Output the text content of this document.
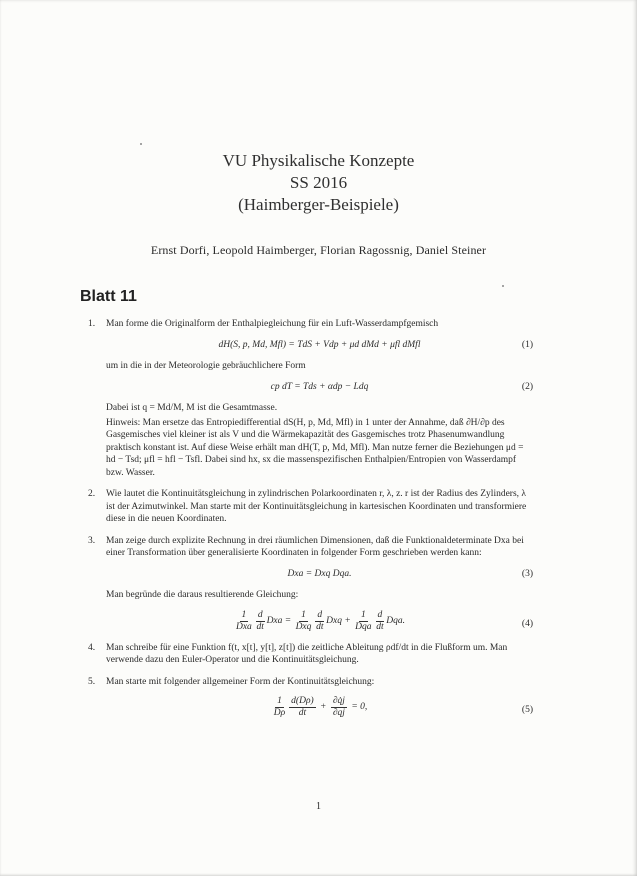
VU Physikalische Konzepte
SS 2016
(Haimberger-Beispiele)
Ernst Dorfi, Leopold Haimberger, Florian Ragossnig, Daniel Steiner
Blatt 11
1. Man forme die Originalform der Enthalpiegleichung für ein Luft-Wasserdampfgemisch

dH(S, p, Md, Mfl) = TdS + Vdp + μd dMd + μfl dMfl	(1)

um in die in der Meteorologie gebräuchlichere Form

cp dT = Tds + αdp − Ldq	(2)

Dabei ist q = Md/M, M ist die Gesamtmasse.

Hinweis: Man ersetze das Entropiedifferential dS(H, p, Md, Mfl) in 1 unter der Annahme, daß ∂H/∂p des Gasgemisches viel kleiner ist als V und die Wärmekapazität des Gasgemisches trotz Phasenumwandlung praktisch konstant ist. Auf diese Weise erhält man dH(T, p, Md, Mfl). Man nutze ferner die Beziehungen μd = hd − Tsd; μfl = hfl − Tsfl. Dabei sind hx, sx die massenspezifischen Enthalpien/Entropien von Wasserdampf bzw. Wasser.

2. Wie lautet die Kontinuitätsgleichung in zylindrischen Polarkoordinaten r, λ, z. r ist der Radius des Zylinders, λ ist der Azimutwinkel. Man starte mit der Kontinuitätsgleichung in kartesischen Koordinaten und transformiere diese in die neuen Koordinaten.

3. Man zeige durch explizite Rechnung in drei räumlichen Dimensionen, daß die Funktionaldeterminate Dxa bei einer Transformation über generalisierte Koordinaten in folgender Form geschrieben werden kann:

Dxa = Dxq Dqa.	(3)

Man begründe die daraus resultierende Gleichung:

$\frac{1}{\text{Dxa}} \frac{d}{dt}$ Dxa =
$\frac{1}{\text{Dxq}} \frac{d}{dt}$ Dxq +
$\frac{1}{\text{Dqa}} \frac{d}{dt}$ Dqa.	(4)
4. Man schreibe für eine Funktion f(t, x[t], y[t], z[t]) die zeitliche Ableitung ρdf/dt in die Flußform um. Man verwende dazu den Euler-Operator und die Kontinuitätsgleichung.

5. Man starte mit folgender allgemeiner Form der Kontinuitätsgleichung:

$\frac{1}{D\rho} \frac{d(D\rho)}{dt} + \frac{\partial q̇j}{\partial qj}$
= 0,	(5)
1
